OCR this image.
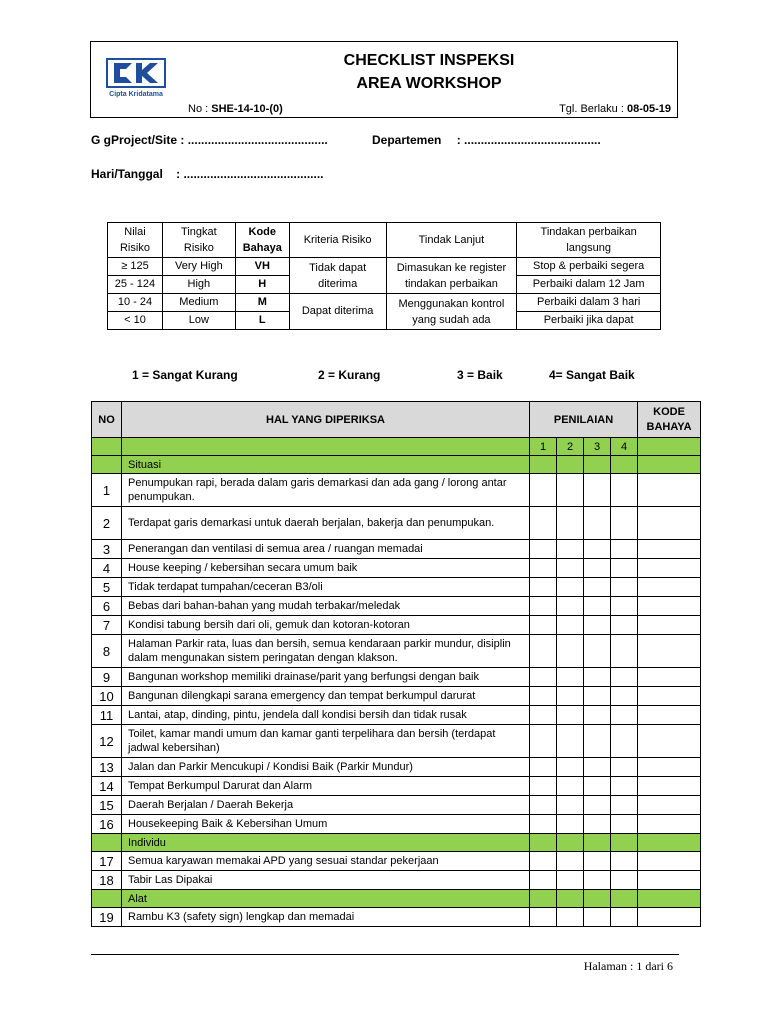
Cipta Kridatama
CHECKLIST INSPEKSI
AREA WORKSHOP
No : SHE-14-10-(0)	Tgl. Berlaku : 08-05-19
G gProject/Site : ..........................................	Departemen : .........................................
Hari/Tanggal : ..........................................
Nilai Risiko	Tingkat Risiko	Kode Bahaya	Kriteria Risiko	Tindak Lanjut	Tindakan perbaikan langsung
≥ 125	Very High	VH	Tidak dapat diterima	Dimasukan ke register tindakan perbaikan	Stop & perbaiki segera
25 - 124	High	H			Perbaiki dalam 12 Jam
10 - 24	Medium	M	Dapat diterima	Menggunakan kontrol yang sudah ada	Perbaiki dalam 3 hari
< 10	Low	L			Perbaiki jika dapat
1 = Sangat Kurang	2 = Kurang	3 = Baik	4= Sangat Baik
NO	HAL YANG DIPERIKSA	PENILAIAN				KODE BAHAYA
		1	2	3	4	
	Situasi					
1	Penumpukan rapi, berada dalam garis demarkasi dan ada gang / lorong antar penumpukan.					
2	Terdapat garis demarkasi untuk daerah berjalan, bakerja dan penumpukan.					
3	Penerangan dan ventilasi di semua area / ruangan memadai					
4	House keeping / kebersihan secara umum baik					
5	Tidak terdapat tumpahan/ceceran B3/oli					
6	Bebas dari bahan-bahan yang mudah terbakar/meledak					
7	Kondisi tabung bersih dari oli, gemuk dan kotoran-kotoran					
8	Halaman Parkir rata, luas dan bersih, semua kendaraan parkir mundur, disiplin dalam mengunakan sistem peringatan dengan klakson.					
9	Bangunan workshop memiliki drainase/parit yang berfungsi dengan baik					
10	Bangunan dilengkapi sarana emergency dan tempat berkumpul darurat					
11	Lantai, atap, dinding, pintu, jendela dall kondisi bersih dan tidak rusak					
12	Toilet, kamar mandi umum dan kamar ganti terpelihara dan bersih (terdapat jadwal kebersihan)					
13	Jalan dan Parkir Mencukupi / Kondisi Baik (Parkir Mundur)					
14	Tempat Berkumpul Darurat dan Alarm					
15	Daerah Berjalan / Daerah Bekerja					
16	Housekeeping Baik & Kebersihan Umum					
	Individu					
17	Semua karyawan memakai APD yang sesuai standar pekerjaan					
18	Tabir Las Dipakai					
	Alat					
19	Rambu K3 (safety sign) lengkap dan memadai					
Halaman : 1 dari 6
